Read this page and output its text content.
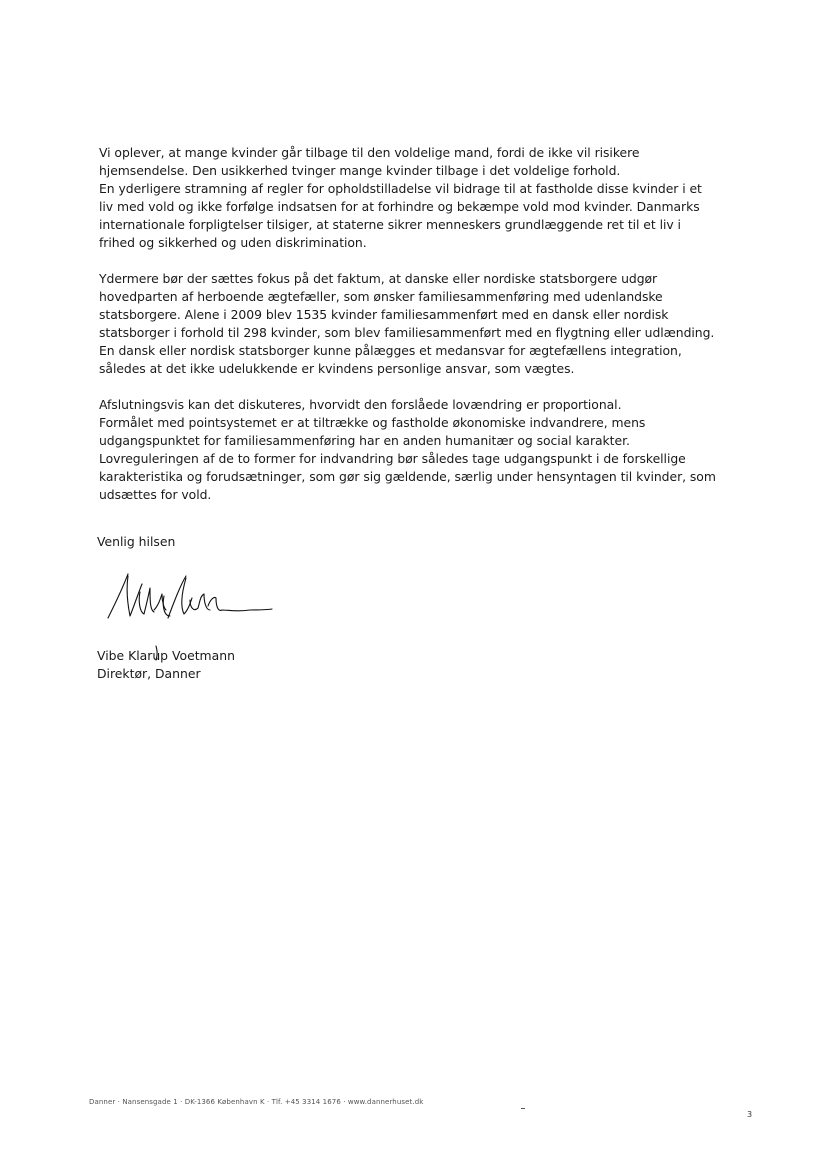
Vi oplever, at mange kvinder går tilbage til den voldelige mand, fordi de ikke vil risikere
hjemsendelse. Den usikkerhed tvinger mange kvinder tilbage i det voldelige forhold.
En yderligere stramning af regler for opholdstilladelse vil bidrage til at fastholde disse kvinder i et
liv med vold og ikke forfølge indsatsen for at forhindre og bekæmpe vold mod kvinder. Danmarks
internationale forpligtelser tilsiger, at staterne sikrer menneskers grundlæggende ret til et liv i
frihed og sikkerhed og uden diskrimination.

Ydermere bør der sættes fokus på det faktum, at danske eller nordiske statsborgere udgør
hovedparten af herboende ægtefæller, som ønsker familiesammenføring med udenlandske
statsborgere. Alene i 2009 blev 1535 kvinder familiesammenført med en dansk eller nordisk
statsborger i forhold til 298 kvinder, som blev familiesammenført med en flygtning eller udlænding.
En dansk eller nordisk statsborger kunne pålægges et medansvar for ægtefællens integration,
således at det ikke udelukkende er kvindens personlige ansvar, som vægtes.

Afslutningsvis kan det diskuteres, hvorvidt den forslåede lovændring er proportional.
Formålet med pointsystemet er at tiltrække og fastholde økonomiske indvandrere, mens
udgangspunktet for familiesammenføring har en anden humanitær og social karakter.
Lovreguleringen af de to former for indvandring bør således tage udgangspunkt i de forskellige
karakteristika og forudsætninger, som gør sig gældende, særlig under hensyntagen til kvinder, som
udsættes for vold.

Venlig hilsen

Vibe Klarup Voetmann
Direktør, Danner
Danner · Nansensgade 1 · DK-1366 København K · Tlf. +45 3314 1676 · www.dannerhuset.dk
3
